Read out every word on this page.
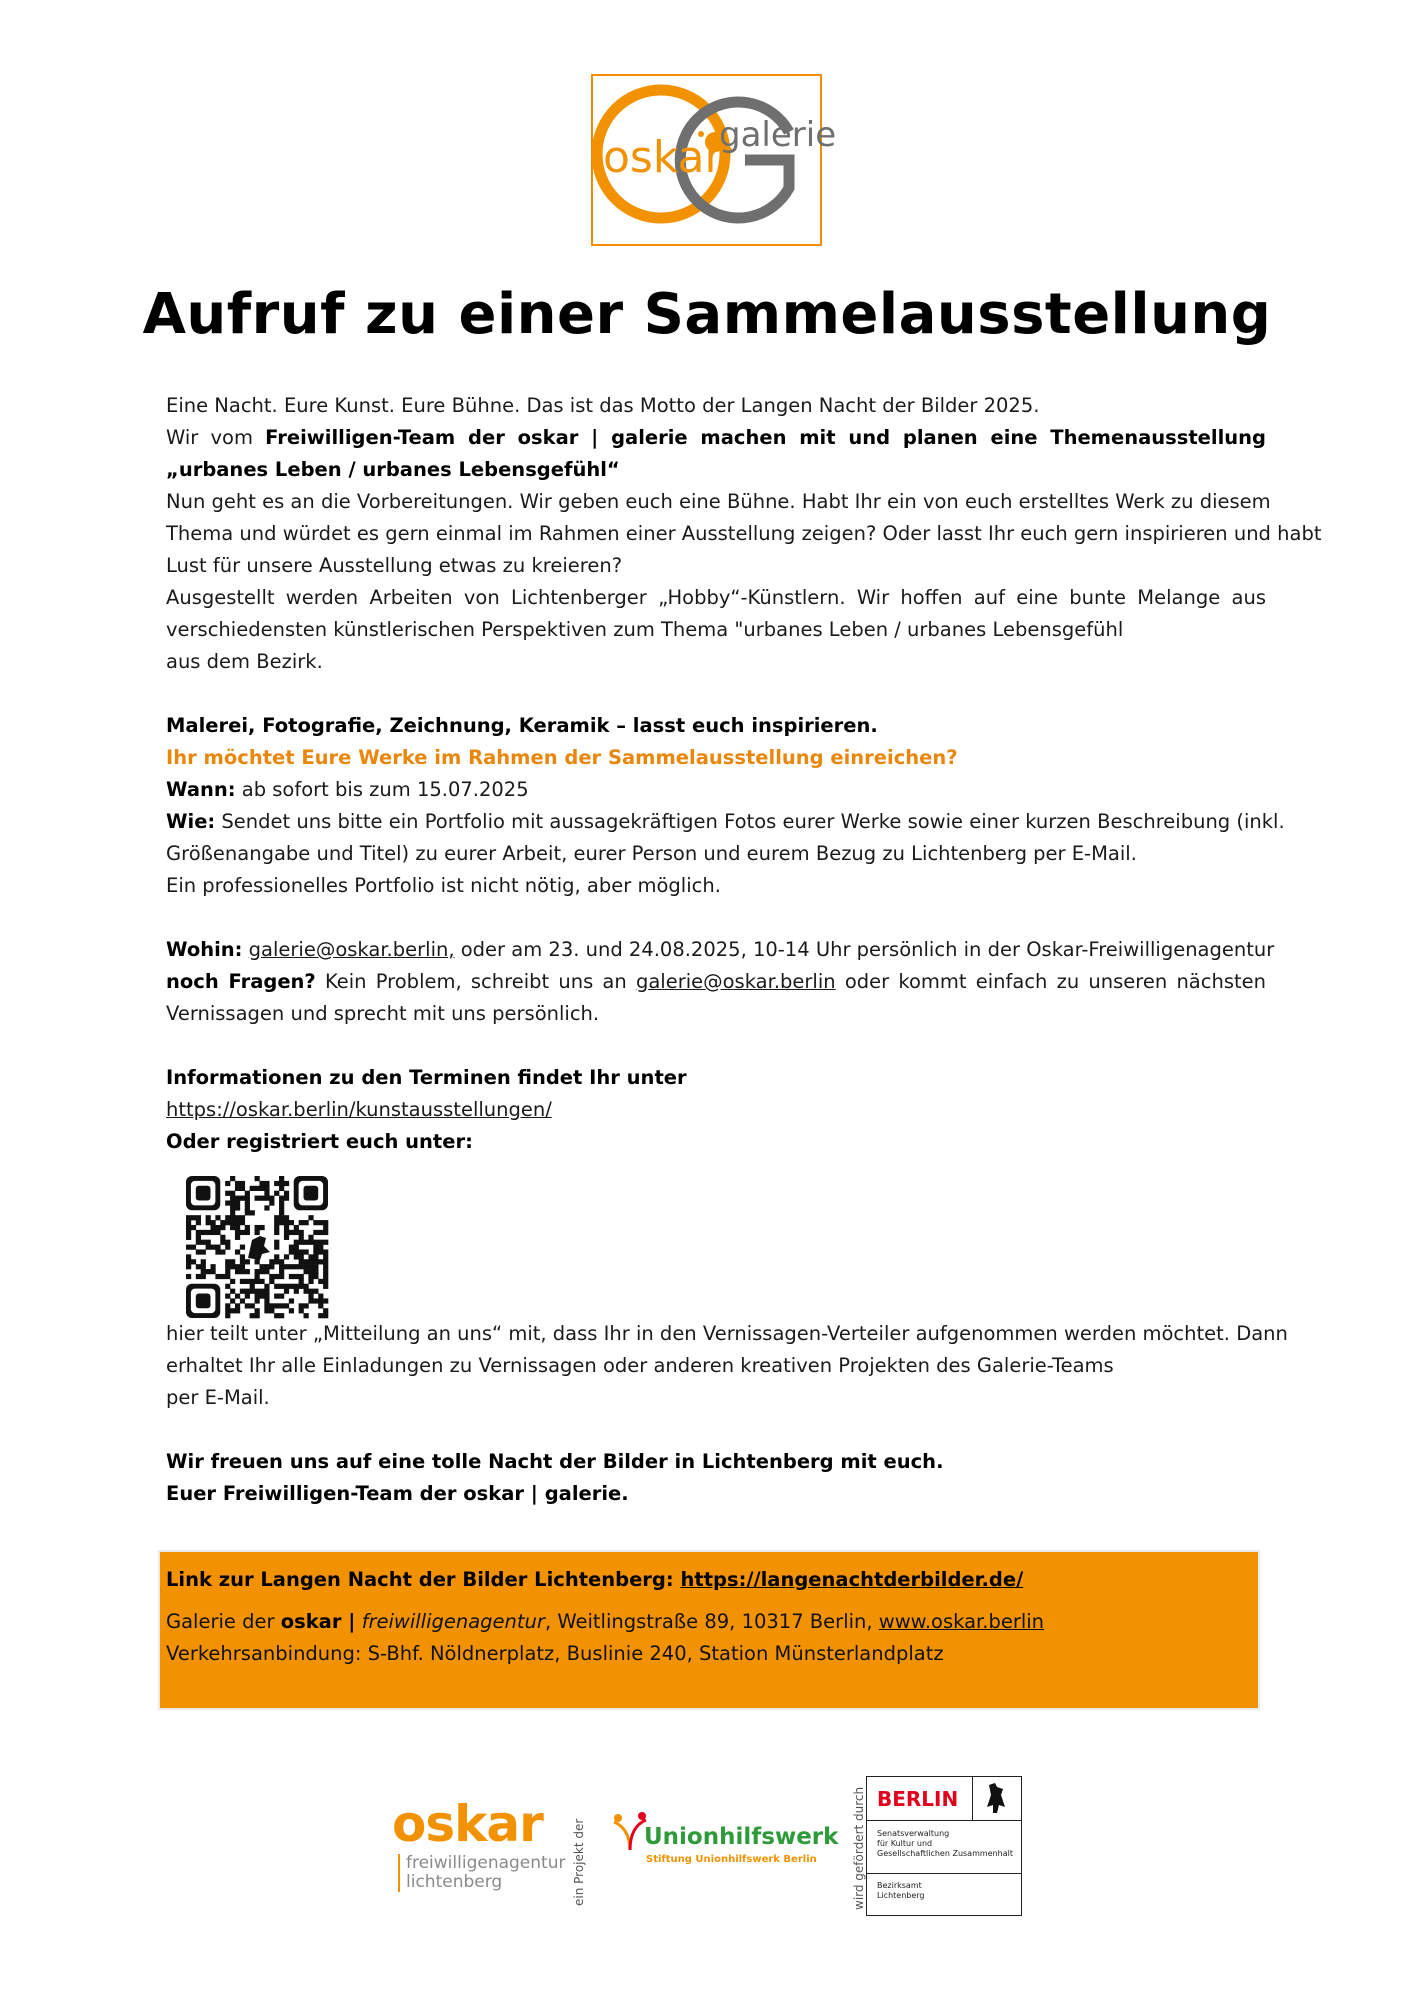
oskar
galerie
Aufruf zu einer Sammelausstellung
Eine Nacht. Eure Kunst. Eure Bühne. Das ist das Motto der Langen Nacht der Bilder 2025.
Wir vom Freiwilligen-Team der oskar | galerie machen mit und planen eine Themenausstellung
„urbanes Leben / urbanes Lebensgefühl“
Nun geht es an die Vorbereitungen. Wir geben euch eine Bühne. Habt Ihr ein von euch erstelltes Werk zu diesem
Thema und würdet es gern einmal im Rahmen einer Ausstellung zeigen? Oder lasst Ihr euch gern inspirieren und habt
Lust für unsere Ausstellung etwas zu kreieren?
Ausgestellt werden Arbeiten von Lichtenberger „Hobby“-Künstlern. Wir hoffen auf eine bunte Melange aus
verschiedensten künstlerischen Perspektiven zum Thema "urbanes Leben / urbanes Lebensgefühl
aus dem Bezirk.
Malerei, Fotografie, Zeichnung, Keramik – lasst euch inspirieren.
Ihr möchtet Eure Werke im Rahmen der Sammelausstellung einreichen?
Wann: ab sofort bis zum 15.07.2025
Wie: Sendet uns bitte ein Portfolio mit aussagekräftigen Fotos eurer Werke sowie einer kurzen Beschreibung (inkl.
Größenangabe und Titel) zu eurer Arbeit, eurer Person und eurem Bezug zu Lichtenberg per E-Mail.
Ein professionelles Portfolio ist nicht nötig, aber möglich.
Wohin: galerie@oskar.berlin, oder am 23. und 24.08.2025, 10-14 Uhr persönlich in der Oskar-Freiwilligenagentur
noch Fragen? Kein Problem, schreibt uns an galerie@oskar.berlin oder kommt einfach zu unseren nächsten
Vernissagen und sprecht mit uns persönlich.
Informationen zu den Terminen findet Ihr unter
https://oskar.berlin/kunstausstellungen/
Oder registriert euch unter:
hier teilt unter „Mitteilung an uns“ mit, dass Ihr in den Vernissagen-Verteiler aufgenommen werden möchtet. Dann
erhaltet Ihr alle Einladungen zu Vernissagen oder anderen kreativen Projekten des Galerie-Teams
per E-Mail.
Wir freuen uns auf eine tolle Nacht der Bilder in Lichtenberg mit euch.
Euer Freiwilligen-Team der oskar | galerie.
Link zur Langen Nacht der Bilder Lichtenberg: https://langenachtderbilder.de/
Galerie der oskar | freiwilligenagentur, Weitlingstraße 89, 10317 Berlin, www.oskar.berlin
Verkehrsanbindung: S-Bhf. Nöldnerplatz, Buslinie 240, Station Münsterlandplatz
oskar
freiwilligenagentur
lichtenberg	ein Projekt der	Unionhilfswerk
Stiftung Unionhilfswerk Berlin	wird gefördert durch BERLIN
Senatsverwaltung
für Kultur und
Gesellschaftlichen Zusammenhalt
Bezirksamt
Lichtenberg
